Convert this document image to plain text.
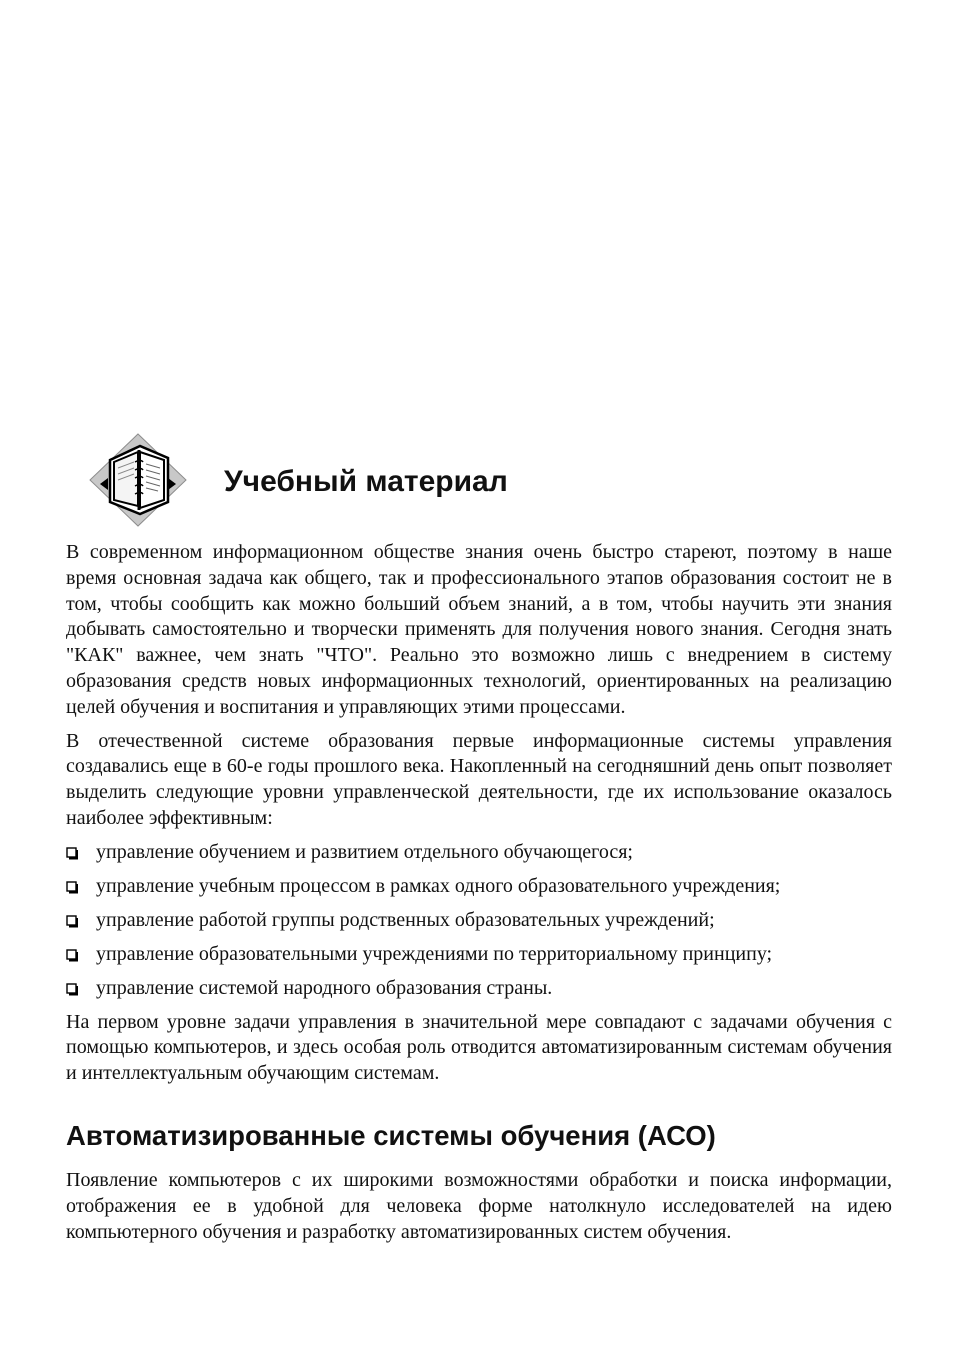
Учебный материал

В современном информационном обществе знания очень быстро стареют, поэтому в наше время основная задача как общего, так и профессионального этапов образования состоит не в том, чтобы сообщить как можно больший объем знаний, а в том, чтобы научить эти знания добывать самостоятельно и творчески применять для получения нового знания. Сегодня знать "КАК" важнее, чем знать "ЧТО". Реально это возможно лишь с внедрением в систему образования средств новых информационных технологий, ориентированных на реализацию целей обучения и воспитания и управляющих этими процессами.

В отечественной системе образования первые информационные системы управления создавались еще в 60-е годы прошлого века. Накопленный на сегодняшний день опыт позволяет выделить следующие уровни управленческой деятельности, где их использование оказалось наиболее эффективным:

управление обучением и развитием отдельного обучающегося;
управление учебным процессом в рамках одного образовательного учреждения;
управление работой группы родственных образовательных учреждений;
управление образовательными учреждениями по территориальному принципу;
управление системой народного образования страны.

На первом уровне задачи управления в значительной мере совпадают с задачами обучения с помощью компьютеров, и здесь особая роль отводится автоматизированным системам обучения и интеллектуальным обучающим системам.

Автоматизированные системы обучения (АСО)

Появление компьютеров с их широкими возможностями обработки и поиска информации, отображения ее в удобной для человека форме натолкнуло исследователей на идею компьютерного обучения и разработку автоматизированных систем обучения.
